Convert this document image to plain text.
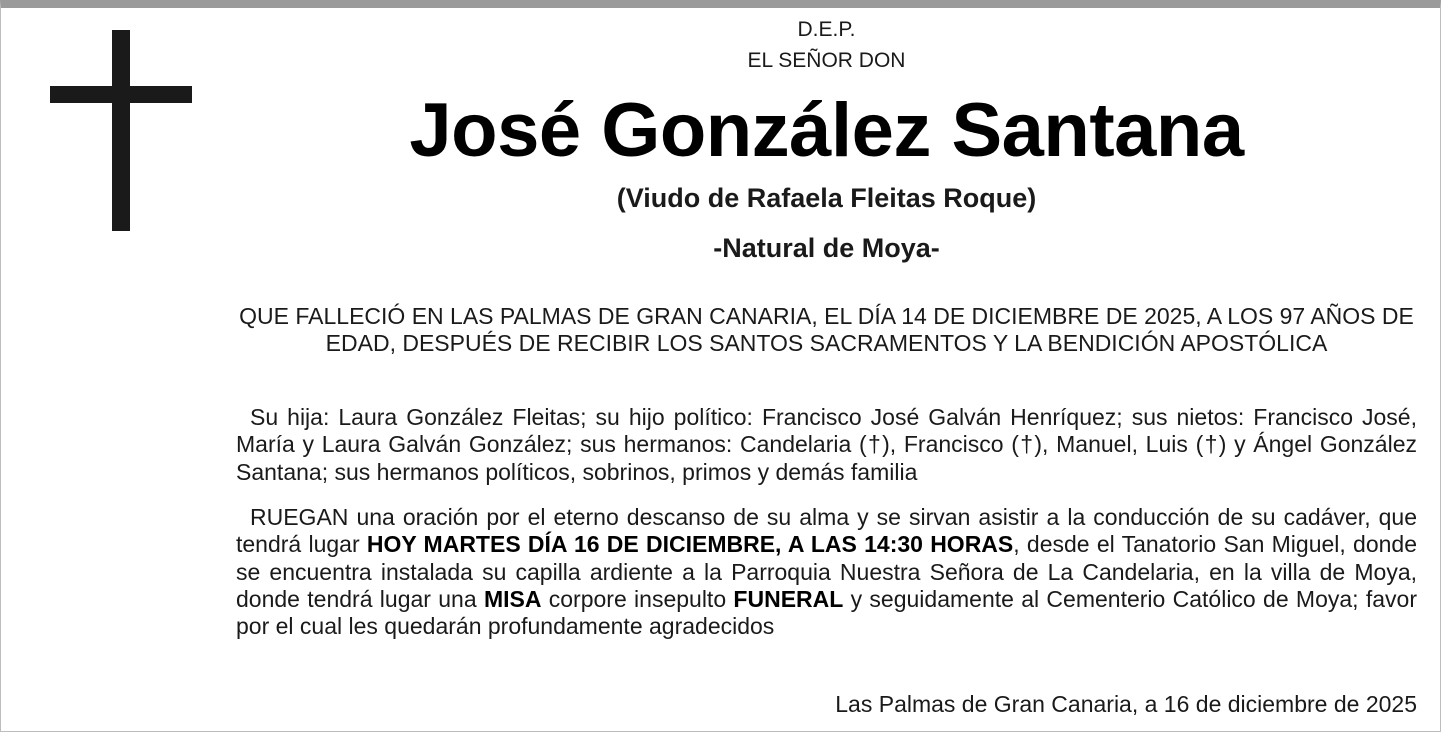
D.E.P.
EL SEÑOR DON
José González Santana
(Viudo de Rafaela Fleitas Roque)
-Natural de Moya-
QUE FALLECIÓ EN LAS PALMAS DE GRAN CANARIA, EL DÍA 14 DE DICIEMBRE DE 2025, A LOS 97 AÑOS DE EDAD, DESPUÉS DE RECIBIR LOS SANTOS SACRAMENTOS Y LA BENDICIÓN APOSTÓLICA
Su hija: Laura González Fleitas; su hijo político: Francisco José Galván Henríquez; sus nietos: Francisco José, María y Laura Galván González; sus hermanos: Candelaria (†), Francisco (†), Manuel, Luis (†) y Ángel González Santana; sus hermanos políticos, sobrinos, primos y demás familia
RUEGAN una oración por el eterno descanso de su alma y se sirvan asistir a la conducción de su cadáver, que tendrá lugar HOY MARTES DÍA 16 DE DICIEMBRE, A LAS 14:30 HORAS, desde el Tanatorio San Miguel, donde se encuentra instalada su capilla ardiente a la Parroquia Nuestra Señora de La Candelaria, en la villa de Moya, donde tendrá lugar una MISA corpore insepulto FUNERAL y seguidamente al Cementerio Católico de Moya; favor por el cual les quedarán profundamente agradecidos
Las Palmas de Gran Canaria, a 16 de diciembre de 2025
